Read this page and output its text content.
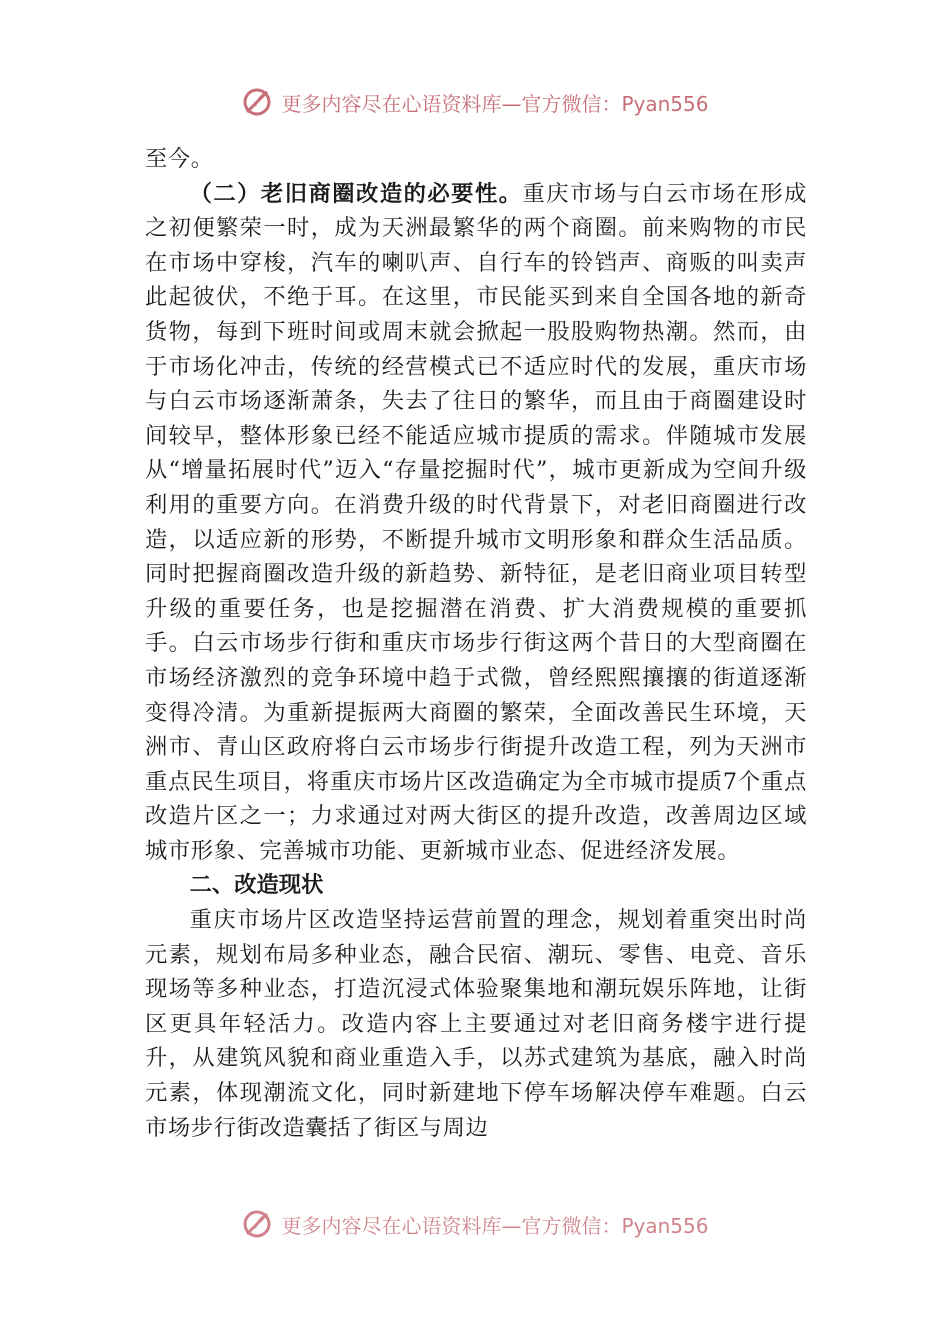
更多内容尽在心语资料库—官方微信：Pyan556

至今。

（二）老旧商圈改造的必要性。重庆市场与白云市场在形成之初便繁荣一时，成为天洲最繁华的两个商圈。前来购物的市民在市场中穿梭，汽车的喇叭声、自行车的铃铛声、商贩的叫卖声此起彼伏，不绝于耳。在这里，市民能买到来自全国各地的新奇货物，每到下班时间或周末就会掀起一股股购物热潮。然而，由于市场化冲击，传统的经营模式已不适应时代的发展，重庆市场与白云市场逐渐萧条，失去了往日的繁华，而且由于商圈建设时间较早，整体形象已经不能适应城市提质的需求。伴随城市发展从“增量拓展时代”迈入“存量挖掘时代”，城市更新成为空间升级利用的重要方向。在消费升级的时代背景下，对老旧商圈进行改造，以适应新的形势，不断提升城市文明形象和群众生活品质。同时把握商圈改造升级的新趋势、新特征，是老旧商业项目转型升级的重要任务，也是挖掘潜在消费、扩大消费规模的重要抓手。白云市场步行街和重庆市场步行街这两个昔日的大型商圈在市场经济激烈的竞争环境中趋于式微，曾经熙熙攘攘的街道逐渐变得冷清。为重新提振两大商圈的繁荣，全面改善民生环境，天洲市、青山区政府将白云市场步行街提升改造工程，列为天洲市重点民生项目，将重庆市场片区改造确定为全市城市提质7个重点改造片区之一；力求通过对两大街区的提升改造，改善周边区域城市形象、完善城市功能、更新城市业态、促进经济发展。

二、改造现状

重庆市场片区改造坚持运营前置的理念，规划着重突出时尚元素，规划布局多种业态，融合民宿、潮玩、零售、电竞、音乐现场等多种业态，打造沉浸式体验聚集地和潮玩娱乐阵地，让街区更具年轻活力。改造内容上主要通过对老旧商务楼宇进行提升，从建筑风貌和商业重造入手，以苏式建筑为基底，融入时尚元素，体现潮流文化，同时新建地下停车场解决停车难题。白云市场步行街改造囊括了街区与周边

更多内容尽在心语资料库—官方微信：Pyan556
